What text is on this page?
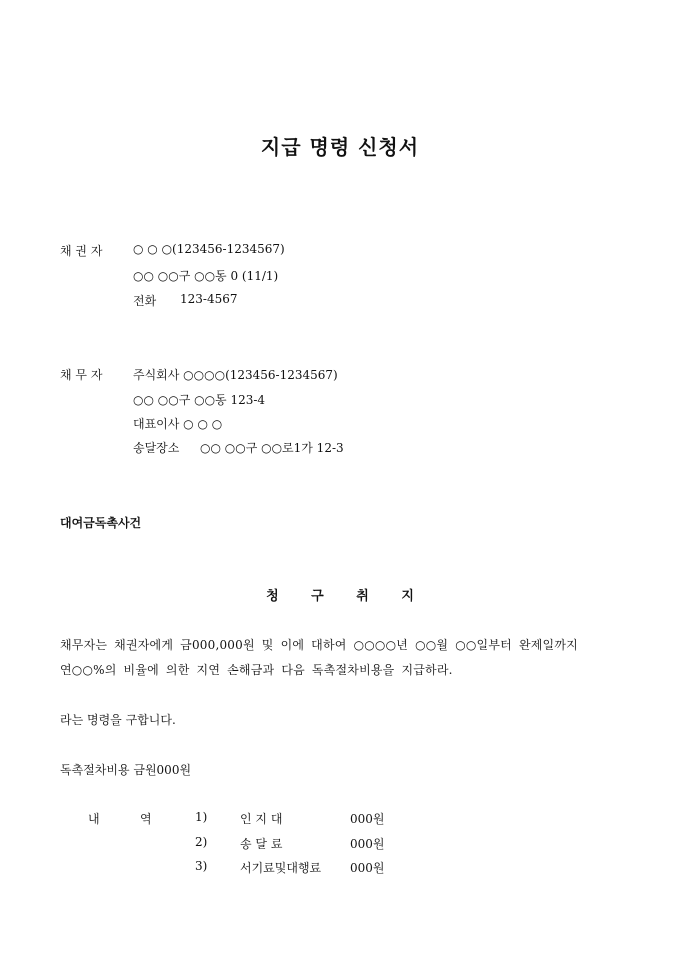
지급 명령 신청서
채 권 자	○ ○ ○(123456-1234567)
○○ ○○구 ○○동 0 (11/1)
전화 123-4567
채 무 자	주식회사 ○○○○(123456-1234567)
○○ ○○구 ○○동 123-4
대표이사 ○ ○ ○
송달장소 ○○ ○○구 ○○로1가 12-3
대여금독촉사건
청 구 취 지
채무자는 채권자에게 금000,000원 및 이에 대하여 ○○○○년 ○○월 ○○일부터 완제일까지
연○○%의 비율에 의한 지연 손해금과 다음 독촉절차비용을 지급하라.
라는 명령을 구합니다.
독촉절차비용 금원000원
내	역	1)	인 지 대	000원
2)	송 달 료	000원
3)	서기료및대행료 000원
